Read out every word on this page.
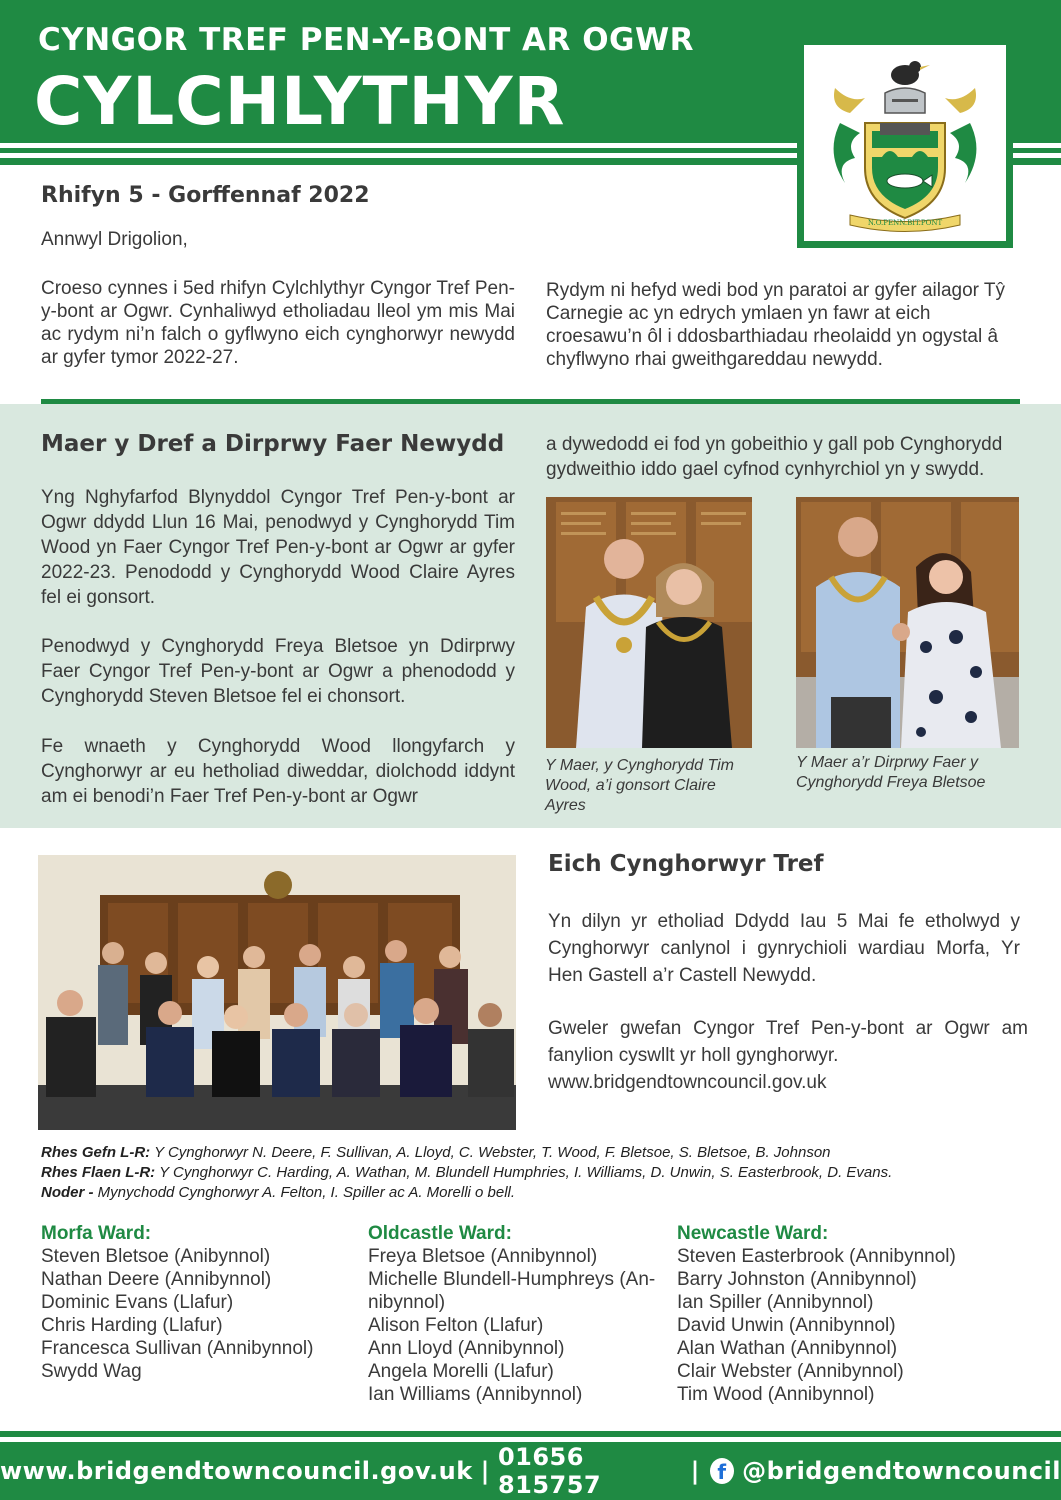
CYNGOR TREF PEN-Y-BONT AR OGWR
CYLCHLYTHYR
N.O.PENN.BIT.PONT
Rhifyn 5 - Gorffennaf 2022
Annwyl Drigolion,
Croeso cynnes i 5ed rhifyn Cylchlythyr Cyngor Tref Pen-y-bont ar Ogwr. Cynhaliwyd etholiadau lleol ym mis Mai ac rydym ni’n falch o gyflwyno eich cynghorwyr newydd ar gyfer tymor 2022-27.
Rydym ni hefyd wedi bod yn paratoi ar gyfer ailagor Tŷ Carnegie ac yn edrych ymlaen yn fawr at eich croesawu’n ôl i ddosbarthiadau rheolaidd yn ogystal â chyflwyno rhai gweithgareddau newydd.
Maer y Dref a Dirprwy Faer Newydd
Yng Nghyfarfod Blynyddol Cyngor Tref Pen-y-bont ar Ogwr ddydd Llun 16 Mai, penodwyd y Cynghorydd Tim Wood yn Faer Cyngor Tref Pen-y-bont ar Ogwr ar gyfer 2022-23. Penododd y Cynghorydd Wood Claire Ayres fel ei gonsort.
Penodwyd y Cynghorydd Freya Bletsoe yn Ddirprwy Faer Cyngor Tref Pen-y-bont ar Ogwr a phenododd y Cynghorydd Steven Bletsoe fel ei chonsort.
Fe wnaeth y Cynghorydd Wood llongyfarch y Cynghorwyr ar eu hetholiad diweddar, diolchodd iddynt am ei benodi’n Faer Tref Pen-y-bont ar Ogwr
a dywedodd ei fod yn gobeithio y gall pob Cynghorydd gydweithio iddo gael cyfnod cynhyrchiol yn y swydd.
Y Maer, y Cynghorydd Tim Wood, a’i gonsort Claire Ayres
Y Maer a’r Dirprwy Faer y Cynghorydd Freya Bletsoe
Eich Cynghorwyr Tref
Yn dilyn yr etholiad Ddydd Iau 5 Mai fe etholwyd y Cynghorwyr canlynol i gynrychioli wardiau Morfa, Yr Hen Gastell a’r Castell Newydd.
Gweler gwefan Cyngor Tref Pen-y-bont ar Ogwr am fanylion cyswllt yr holl gynghorwyr.
www.bridgendtowncouncil.gov.uk
Rhes Gefn L-R: Y Cynghorwyr N. Deere, F. Sullivan, A. Lloyd, C. Webster, T. Wood, F. Bletsoe, S. Bletsoe, B. Johnson
Rhes Flaen L-R: Y Cynghorwyr C. Harding, A. Wathan, M. Blundell Humphries, I. Williams, D. Unwin, S. Easterbrook, D. Evans.
Noder - Mynychodd Cynghorwyr A. Felton, I. Spiller ac A. Morelli o bell.
Morfa Ward:
Steven Bletsoe (Anibynnol)
Nathan Deere (Annibynnol)
Dominic Evans (Llafur)
Chris Harding (Llafur)
Francesca Sullivan (Annibynnol)
Swydd Wag
Oldcastle Ward:
Freya Bletsoe (Annibynnol)
Michelle Blundell-Humphreys (An-
nibynnol)
Alison Felton (Llafur)
Ann Lloyd (Annibynnol)
Angela Morelli (Llafur)
Ian Williams (Annibynnol)
Newcastle Ward:
Steven Easterbrook (Annibynnol)
Barry Johnston (Annibynnol)
Ian Spiller (Annibynnol)
David Unwin (Annibynnol)
Alan Wathan (Annibynnol)
Clair Webster (Annibynnol)
Tim Wood (Annibynnol)
www.bridgendtowncouncil.gov.uk | 01656 815757	| f @bridgendtowncouncil
